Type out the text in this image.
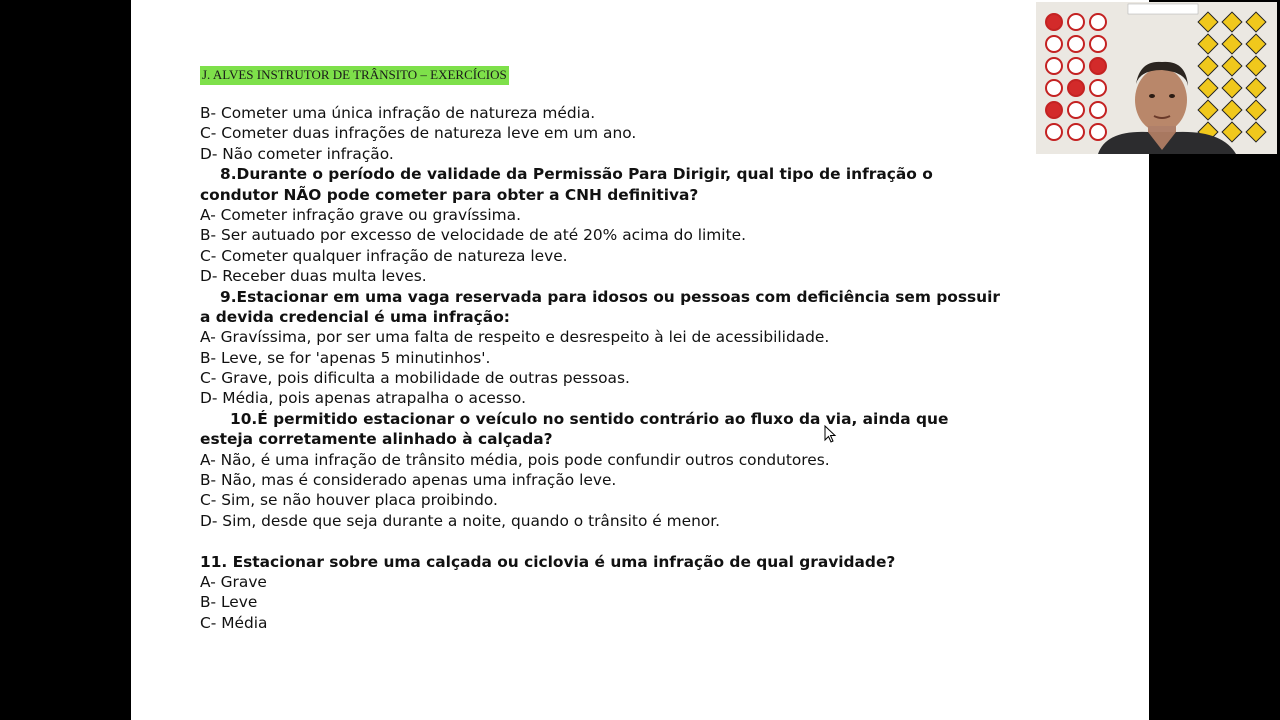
J. ALVES INSTRUTOR DE TRÂNSITO – EXERCÍCIOS
B- Cometer uma única infração de natureza média.
C- Cometer duas infrações de natureza leve em um ano.
D- Não cometer infração.
8.Durante o período de validade da Permissão Para Dirigir, qual tipo de infração o
condutor NÃO pode cometer para obter a CNH definitiva?
A- Cometer infração grave ou gravíssima.
B- Ser autuado por excesso de velocidade de até 20% acima do limite.
C- Cometer qualquer infração de natureza leve.
D- Receber duas multa leves.
9.Estacionar em uma vaga reservada para idosos ou pessoas com deficiência sem possuir
a devida credencial é uma infração:
A- Gravíssima, por ser uma falta de respeito e desrespeito à lei de acessibilidade.
B- Leve, se for 'apenas 5 minutinhos'.
C- Grave, pois dificulta a mobilidade de outras pessoas.
D- Média, pois apenas atrapalha o acesso.
10.É permitido estacionar o veículo no sentido contrário ao fluxo da via, ainda que
esteja corretamente alinhado à calçada?
A- Não, é uma infração de trânsito média, pois pode confundir outros condutores.
B- Não, mas é considerado apenas uma infração leve.
C- Sim, se não houver placa proibindo.
D- Sim, desde que seja durante a noite, quando o trânsito é menor.
11. Estacionar sobre uma calçada ou ciclovia é uma infração de qual gravidade?
A- Grave
B- Leve
C- Média
